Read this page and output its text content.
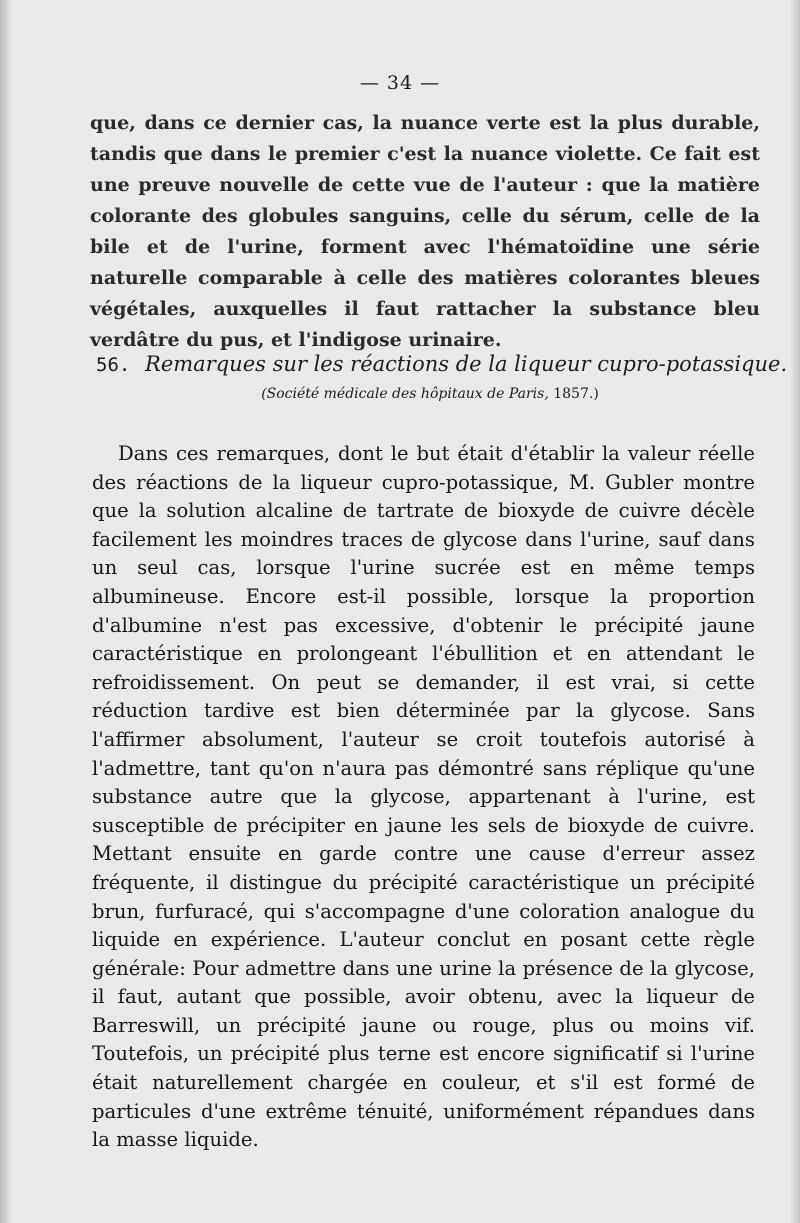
— 34 —
que, dans ce dernier cas, la nuance verte est la plus durable, tandis que dans le premier c'est la nuance violette. Ce fait est une preuve nouvelle de cette vue de l'auteur : que la matière colorante des globules sanguins, celle du sérum, celle de la bile et de l'urine, forment avec l'hématoïdine une série naturelle comparable à celle des matières colorantes bleues végétales, auxquelles il faut rattacher la substance bleu verdâtre du pus, et l'indigose urinaire.
56. Remarques sur les réactions de la liqueur cupro-potassique.
(Société médicale des hôpitaux de Paris, 1857.)

Dans ces remarques, dont le but était d'établir la valeur réelle des réactions de la liqueur cupro-potassique, M. Gubler montre que la solution alcaline de tartrate de bioxyde de cuivre décèle facilement les moindres traces de glycose dans l'urine, sauf dans un seul cas, lorsque l'urine sucrée est en même temps albumineuse. Encore est-il possible, lorsque la proportion d'albumine n'est pas excessive, d'obtenir le précipité jaune caractéristique en prolongeant l'ébullition et en attendant le refroidissement. On peut se demander, il est vrai, si cette réduction tardive est bien déterminée par la glycose. Sans l'affirmer absolument, l'auteur se croit toutefois autorisé à l'admettre, tant qu'on n'aura pas démontré sans réplique qu'une substance autre que la glycose, appartenant à l'urine, est susceptible de précipiter en jaune les sels de bioxyde de cuivre. Mettant ensuite en garde contre une cause d'erreur assez fréquente, il distingue du précipité caractéristique un précipité brun, furfuracé, qui s'accompagne d'une coloration analogue du liquide en expérience. L'auteur conclut en posant cette règle générale: Pour admettre dans une urine la présence de la glycose, il faut, autant que possible, avoir obtenu, avec la liqueur de Barreswill, un précipité jaune ou rouge, plus ou moins vif. Toutefois, un précipité plus terne est encore significatif si l'urine était naturellement chargée en couleur, et s'il est formé de particules d'une extrême ténuité, uniformément répandues dans la masse liquide.
